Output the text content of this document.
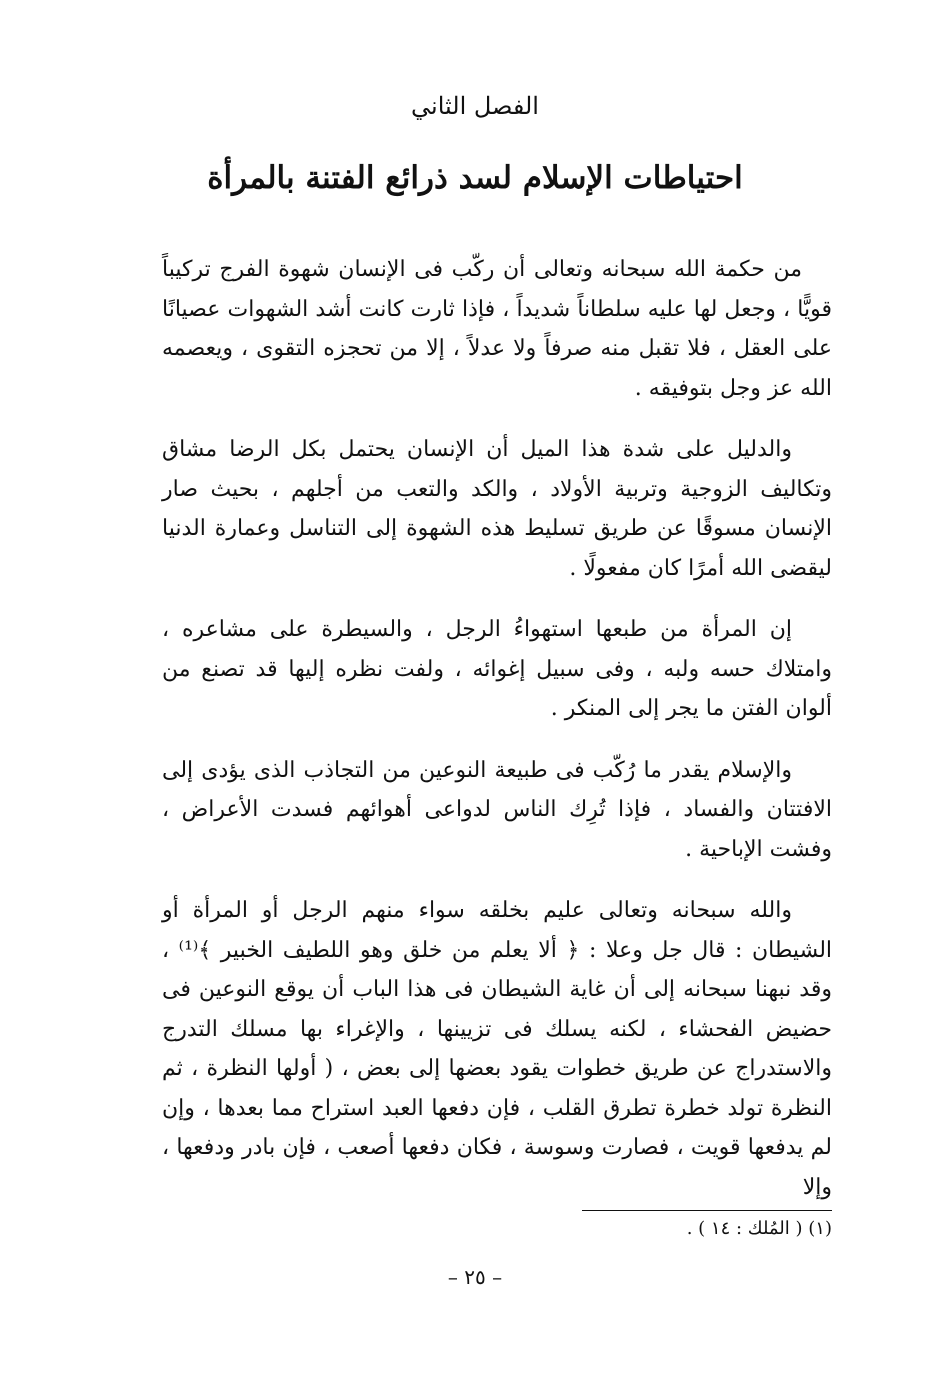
الفصل الثاني
احتياطات الإسلام لسد ذرائع الفتنة بالمرأة

من حكمة الله سبحانه وتعالى أن ركّب فى الإنسان شهوة الفرج تركيباً قويًّا ، وجعل لها عليه سلطاناً شديداً ، فإذا ثارت كانت أشد الشهوات عصيانًا على العقل ، فلا تقبل منه صرفاً ولا عدلاً ، إلا من تحجزه التقوى ، ويعصمه الله عز وجل بتوفيقه .

والدليل على شدة هذا الميل أن الإنسان يحتمل بكل الرضا مشاق وتكاليف الزوجية وتربية الأولاد ، والكد والتعب من أجلهم ، بحيث صار الإنسان مسوقًا عن طريق تسليط هذه الشهوة إلى التناسل وعمارة الدنيا ليقضى الله أمرًا كان مفعولًا .

إن المرأة من طبعها استهواءُ الرجل ، والسيطرة على مشاعره ، وامتلاك حسه ولبه ، وفى سبيل إغوائه ، ولفت نظره إليها قد تصنع من ألوان الفتن ما يجر إلى المنكر .

والإسلام يقدر ما رُكّب فى طبيعة النوعين من التجاذب الذى يؤدى إلى الافتتان والفساد ، فإذا تُرِك الناس لدواعى أهوائهم فسدت الأعراض ، وفشت الإباحية .

والله سبحانه وتعالى عليم بخلقه سواء منهم الرجل أو المرأة أو الشيطان : قال جل وعلا : ﴿ ألا يعلم من خلق وهو اللطيف الخبير ﴾⁽¹⁾ ، وقد نبهنا سبحانه إلى أن غاية الشيطان فى هذا الباب أن يوقع النوعين فى حضيض الفحشاء ، لكنه يسلك فى تزيينها ، والإغراء بها مسلك التدرج والاستدراج عن طريق خطوات يقود بعضها إلى بعض ، ( أولها النظرة ، ثم النظرة تولد خطرة تطرق القلب ، فإن دفعها العبد استراح مما بعدها ، وإن لم يدفعها قويت ، فصارت وسوسة ، فكان دفعها أصعب ، فإن بادر ودفعها ، وإلا

(١) ( المُلك : ١٤ ) .
– ٢٥ –
